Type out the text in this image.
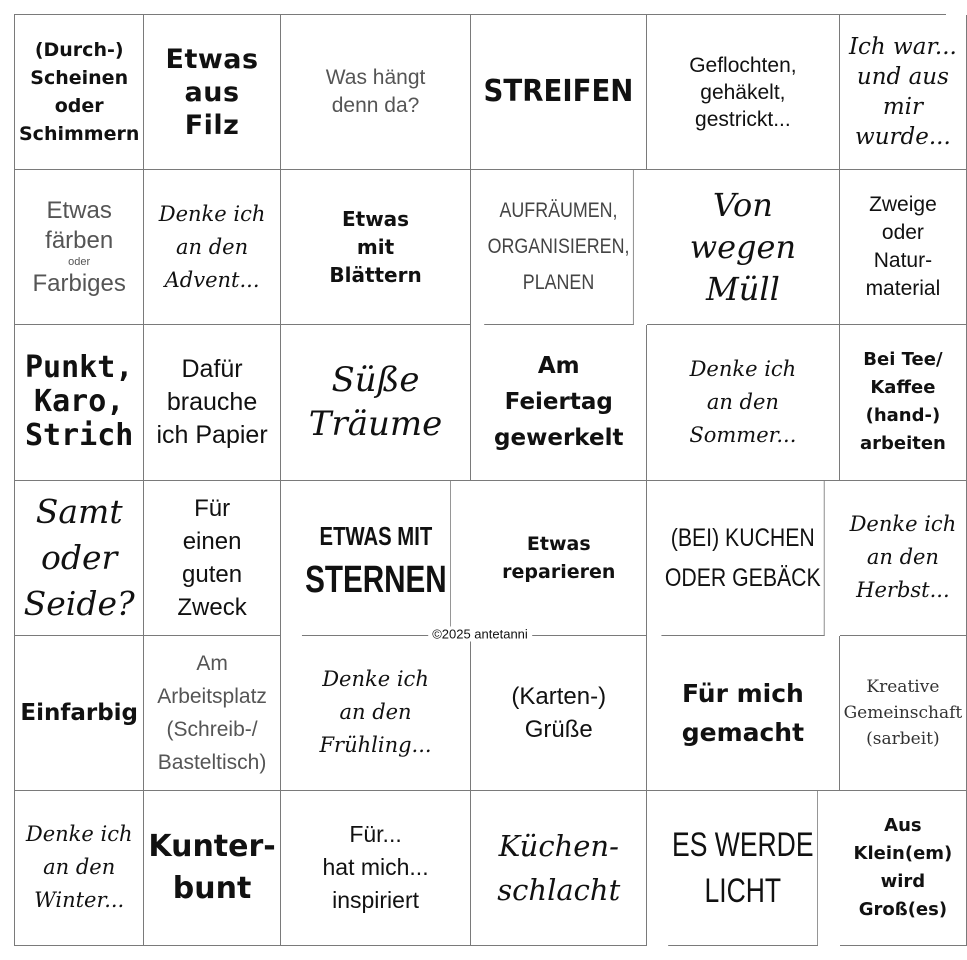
(Durch-)
Scheinen
oder
Schimmern
Etwas
aus
Filz
Was hängt
denn da? STREIFEN
Geflochten,
gehäkelt,
gestrickt...
Ich war...
und aus
mir
wurde...
Etwas
färben
oder
Farbiges
Denke ich
an den
Advent...
Etwas
mit
Blättern
AUFRÄUMEN,
ORGANISIEREN,
PLANEN
Von
wegen
Müll
Zweige
oder
Natur-
material
Punkt,
Karo,
Strich
Dafür
brauche
ich Papier
Süße
Träume
Am
Feiertag
gewerkelt
Denke ich
an den
Sommer...
Bei Tee/
Kaffee
(hand-)
arbeiten
Samt
oder
Seide?
Für
einen
guten
Zweck
ETWAS MIT
STERNEN
Etwas
reparieren
(BEI) KUCHEN
ODER GEBÄCK
Denke ich
an den
Herbst...
Einfarbig
Am
Arbeitsplatz
(Schreib-/
Basteltisch)
Denke ich
an den
Frühling...
(Karten-)
Grüße
Für mich
gemacht
Kreative
Gemeinschaft
(sarbeit)
Denke ich
an den
Winter...
Kunter-
bunt
Für...
hat mich...
inspiriert
Küchen-
schlacht
ES WERDE
LICHT
Aus
Klein(em)
wird
Groß(es)
©2025 antetanni
